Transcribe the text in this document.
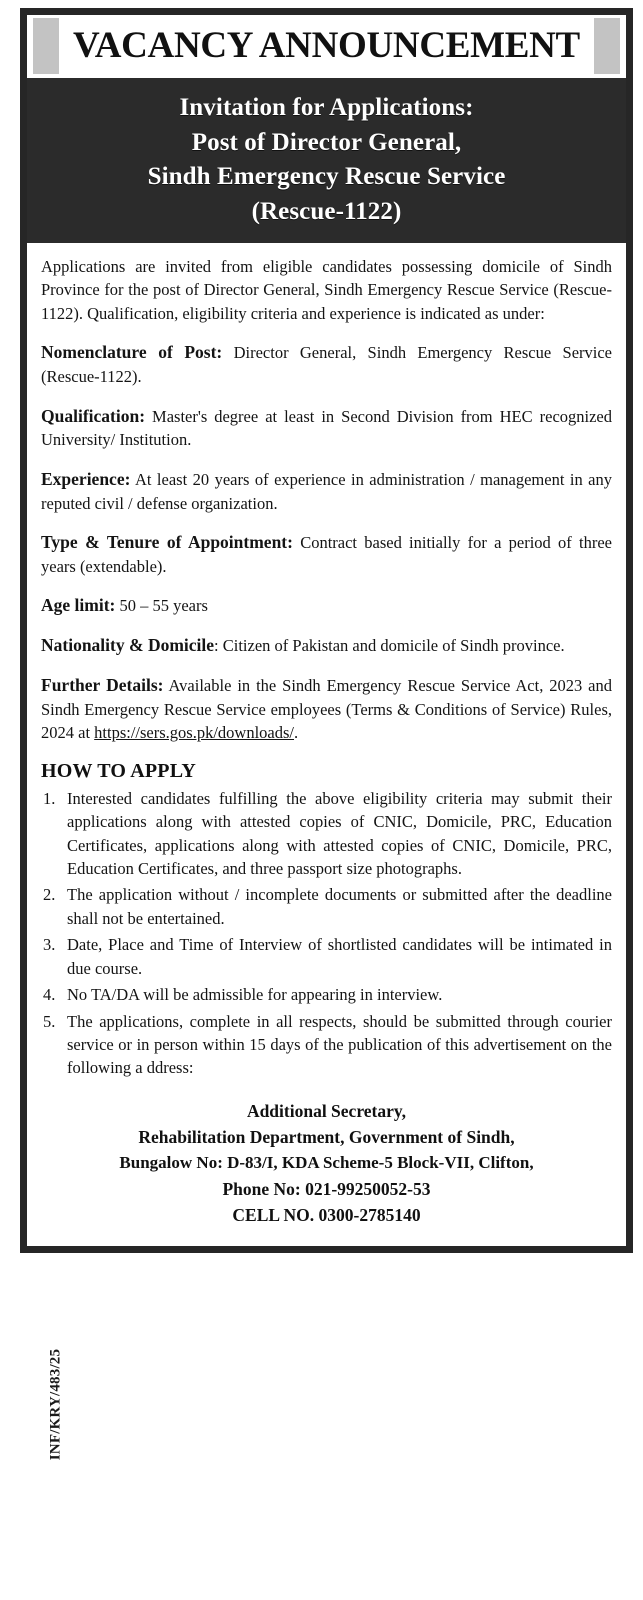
INF/KRY/483/25
VACANCY ANNOUNCEMENT
Invitation for Applications:
Post of Director General,
Sindh Emergency Rescue Service
(Rescue-1122)

Applications are invited from eligible candidates possessing domicile of Sindh Province for the post of Director General, Sindh Emergency Rescue Service (Rescue-1122). Qualification, eligibility criteria and experience is indicated as under:

Nomenclature of Post: Director General, Sindh Emergency Rescue Service (Rescue-1122).

Qualification: Master's degree at least in Second Division from HEC recognized University/ Institution.

Experience: At least 20 years of experience in administration / management in any reputed civil / defense organization.

Type & Tenure of Appointment: Contract based initially for a period of three years (extendable).

Age limit: 50 – 55 years

Nationality & Domicile: Citizen of Pakistan and domicile of Sindh province.

Further Details: Available in the Sindh Emergency Rescue Service Act, 2023 and Sindh Emergency Rescue Service employees (Terms & Conditions of Service) Rules, 2024 at https://sers.gos.pk/downloads/.

HOW TO APPLY
Interested candidates fulfilling the above eligibility criteria may submit their applications along with attested copies of CNIC, Domicile, PRC, Education Certificates, applications along with attested copies of CNIC, Domicile, PRC, Education Certificates, and three passport size photographs.
The application without / incomplete documents or submitted after the deadline shall not be entertained.
Date, Place and Time of Interview of shortlisted candidates will be intimated in due course.
No TA/DA will be admissible for appearing in interview.
The applications, complete in all respects, should be submitted through courier service or in person within 15 days of the publication of this advertisement on the following a ddress:
Additional Secretary,
Rehabilitation Department, Government of Sindh,
Bungalow No: D-83/I, KDA Scheme-5 Block-VII, Clifton,
Phone No: 021-99250052-53
CELL NO. 0300-2785140
